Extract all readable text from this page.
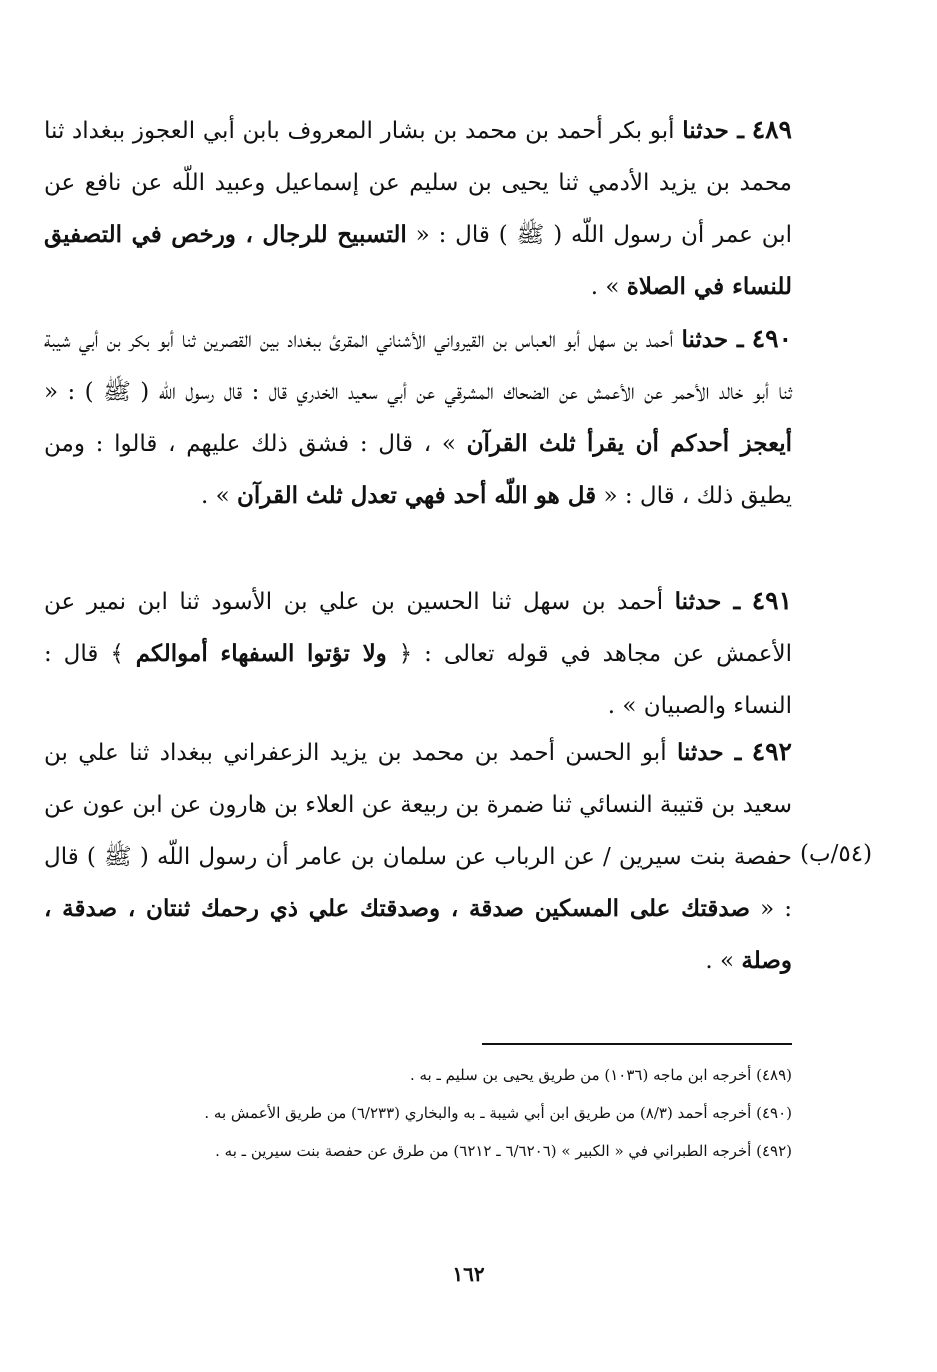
٤٨٩ ـ حدثنا أبو بكر أحمد بن محمد بن بشار المعروف بابن أبي العجوز ببغداد ثنا محمد بن يزيد الأدمي ثنا يحيى بن سليم عن إسماعيل وعبيد اللّه عن نافع عن ابن عمر أن رسول اللّه ( ﷺ ) قال : « التسبيح للرجال ، ورخص في التصفيق للنساء في الصلاة » .
٤٩٠ ـ حدثنا أحمد بن سهل أبو العباس بن القيرواني الأشناني المقرئ ببغداد بين القصرين ثنا أبو بكر بن أبي شيبة ثنا أبو خالد الأحمر عن الأعمش عن الضحاك المشرقي عن أبي سعيد الخدري قال : قال رسول اللّه ( ﷺ ) : « أيعجز أحدكم أن يقرأ ثلث القرآن » ، قال : فشق ذلك عليهم ، قالوا : ومن يطيق ذلك ، قال : « قل هو اللّه أحد فهي تعدل ثلث القرآن » .
٤٩١ ـ حدثنا أحمد بن سهل ثنا الحسين بن علي بن الأسود ثنا ابن نمير عن الأعمش عن مجاهد في قوله تعالى : ﴿ ولا تؤتوا السفهاء أموالكم ﴾ قال : النساء والصبيان » .
٤٩٢ ـ حدثنا أبو الحسن أحمد بن محمد بن يزيد الزعفراني ببغداد ثنا علي بن سعيد بن قتيبة النسائي ثنا ضمرة بن ربيعة عن العلاء بن هارون عن ابن عون عن حفصة بنت سيرين / عن الرباب عن سلمان بن عامر أن رسول اللّه ( ﷺ ) قال : « صدقتك على المسكين صدقة ، وصدقتك علي ذي رحمك ثنتان ، صدقة ، وصلة » .
(٥٤/ب)

(٤٨٩) أخرجه ابن ماجه (١٠٣٦) من طريق يحيى بن سليم ـ به .

(٤٩٠) أخرجه أحمد (٨/٣) من طريق ابن أبي شيبة ـ به والبخاري (٦/٢٣٣) من طريق الأعمش به .

(٤٩٢) أخرجه الطبراني في « الكبير » (٦/٦٢٠٦ ـ ٦٢١٢) من طرق عن حفصة بنت سيرين ـ به .

١٦٢
